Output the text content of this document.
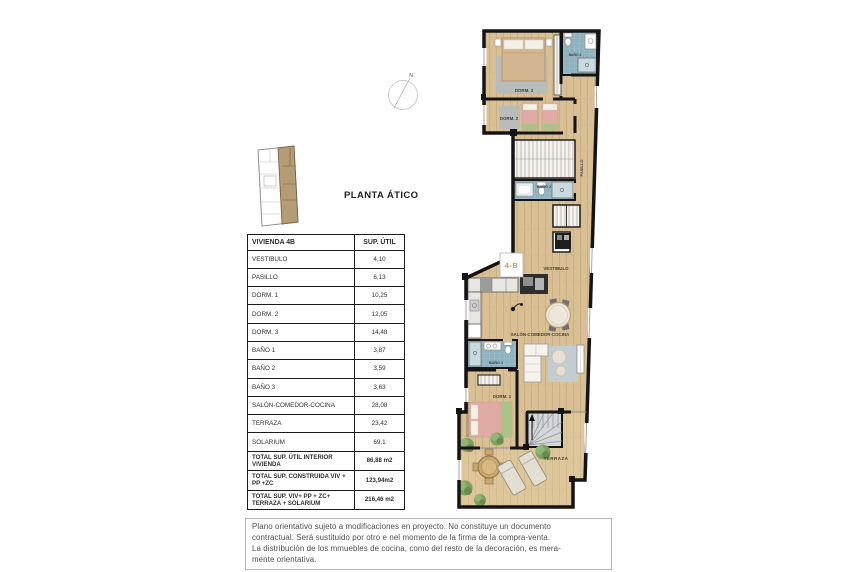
PLANTA ÁTICO
N
VIVIENDA 4B	SUP. ÚTIL
VESTIBULO	4,10
PASILLO	6,13
DORM. 1	10,25
DORM. 2	12,05
DORM. 3	14,48
BAÑO 1	3,87
BAÑO 2	3,59
BAÑO 3	3,63
SALÓN-COMEDOR-COCINA	28,08
TERRAZA	23,42
SOLARIUM	69,1
TOTAL SUP. ÚTIL INTERIOR VIVIENDA	86,88 m2
TOTAL SUP. CONSTRUIDA VIV + PP +ZC	123,94m2
TOTAL SUP. VIV+ PP + ZC+ TERRAZA + SOLARIUM	216,46 m2
4-B
DORM. 3
BAÑO 3
DORM. 2
BAÑO 2
PASILLO
VESTIBULO
SALÓN-COMEDOR-COCINA
BAÑO 1
DORM. 1
TERRAZA
Plano orientativo sujeto a modificaciones en proyecto. No constituye un documento
contractual. Será sustituido por otro e nel momento de la firma de la compra-venta.
La distribución de los mmuebles de cocina, como del resto de la decoración, es mera-
mente orientativa.
